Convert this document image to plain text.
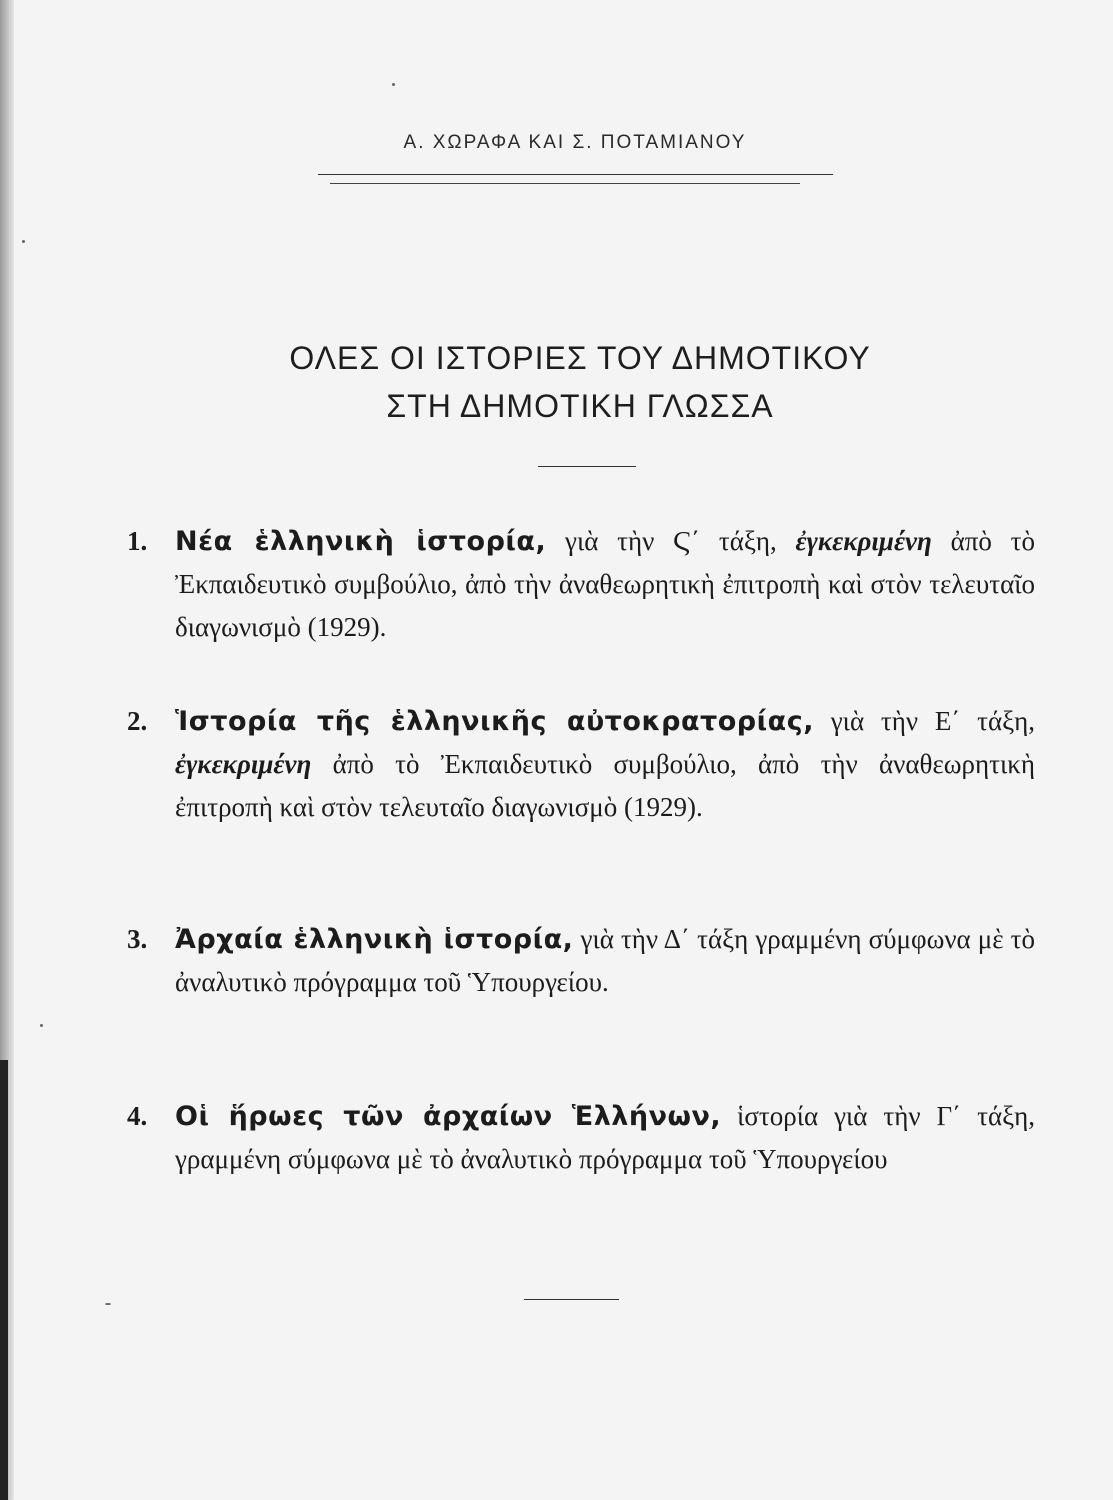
Α. ΧΩΡΑΦΑ ΚΑΙ Σ. ΠΟΤΑΜΙΑΝΟΥ
ΟΛΕΣ ΟΙ ΙΣΤΟΡΙΕΣ ΤΟΥ ΔΗΜΟΤΙΚΟΥ
ΣΤΗ ΔΗΜΟΤΙΚΗ ΓΛΩΣΣΑ
1. Νέα ἑλληνικὴ ἱστορία, γιὰ τὴν Ϛ΄ τάξη, ἐγκεκριμένη ἀπὸ τὸ Ἐκπαιδευτικὸ συμβούλιο, ἀπὸ τὴν ἀναθεωρητικὴ ἐπιτροπὴ καὶ στὸν τελευταῖο διαγωνισμὸ (1929).
2. Ἱστορία τῆς ἑλληνικῆς αὐτοκρατορίας, γιὰ τὴν Ε΄ τάξη, ἐγκεκριμένη ἀπὸ τὸ Ἐκπαιδευτικὸ συμβούλιο, ἀπὸ τὴν ἀναθεωρητικὴ ἐπιτροπὴ καὶ στὸν τελευταῖο διαγωνισμὸ (1929).
3. Ἀρχαία ἑλληνικὴ ἱστορία, γιὰ τὴν Δ΄ τάξη γραμμένη σύμφωνα μὲ τὸ ἀναλυτικὸ πρόγραμμα τοῦ Ὑπουργείου.
4. Οἱ ἥρωες τῶν ἀρχαίων Ἑλλήνων, ἱστορία γιὰ τὴν Γ΄ τάξη, γραμμένη σύμφωνα μὲ τὸ ἀναλυτικὸ πρόγραμμα τοῦ Ὑπουργείου
